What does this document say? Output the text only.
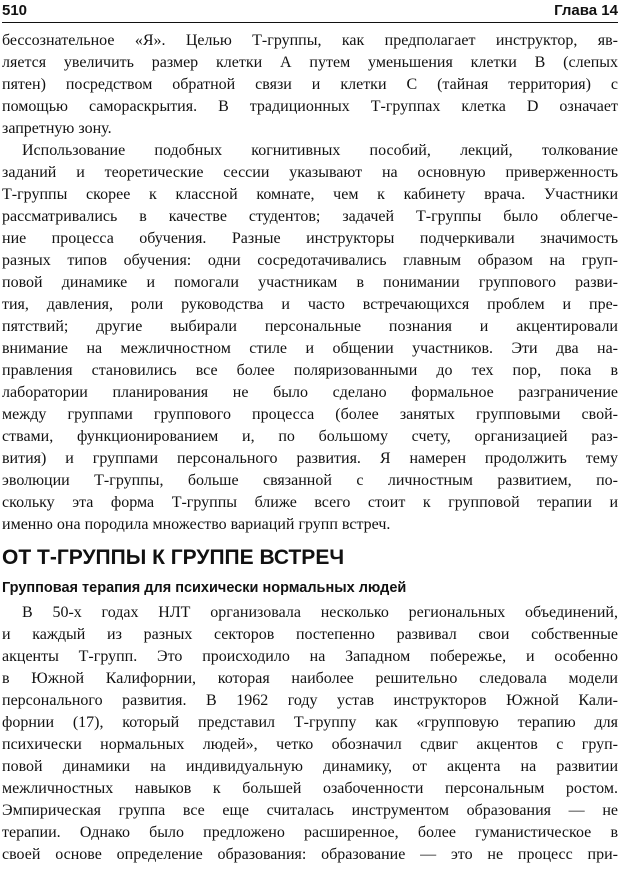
510	Глава 14
бессознательное «Я». Целью Т-группы, как предполагает инструктор, яв-
ляется увеличить размер клетки А путем уменьшения клетки В (слепых
пятен) посредством обратной связи и клетки С (тайная территория) с
помощью самораскрытия. В традиционных Т-группах клетка D означает
запретную зону.
Использование подобных когнитивных пособий, лекций, толкование
заданий и теоретические сессии указывают на основную приверженность
Т-группы скорее к классной комнате, чем к кабинету врача. Участники
рассматривались в качестве студентов; задачей Т-группы было облегче-
ние процесса обучения. Разные инструкторы подчеркивали значимость
разных типов обучения: одни сосредотачивались главным образом на груп-
повой динамике и помогали участникам в понимании группового разви-
тия, давления, роли руководства и часто встречающихся проблем и пре-
пятствий; другие выбирали персональные познания и акцентировали
внимание на межличностном стиле и общении участников. Эти два на-
правления становились все более поляризованными до тех пор, пока в
лаборатории планирования не было сделано формальное разграничение
между группами группового процесса (более занятых групповыми свой-
ствами, функционированием и, по большому счету, организацией раз-
вития) и группами персонального развития. Я намерен продолжить тему
эволюции Т-группы, больше связанной с личностным развитием, по-
скольку эта форма Т-группы ближе всего стоит к групповой терапии и
именно она породила множество вариаций групп встреч.
ОТ Т-ГРУППЫ К ГРУППЕ ВСТРЕЧ
Групповая терапия для психически нормальных людей
В 50-х годах НЛТ организовала несколько региональных объединений,
и каждый из разных секторов постепенно развивал свои собственные
акценты Т-групп. Это происходило на Западном побережье, и особенно
в Южной Калифорнии, которая наиболее решительно следовала модели
персонального развития. В 1962 году устав инструкторов Южной Кали-
форнии (17), который представил Т-группу как «групповую терапию для
психически нормальных людей», четко обозначил сдвиг акцентов с груп-
повой динамики на индивидуальную динамику, от акцента на развитии
межличностных навыков к большей озабоченности персональным ростом.
Эмпирическая группа все еще считалась инструментом образования — не
терапии. Однако было предложено расширенное, более гуманистическое в
своей основе определение образования: образование — это не процесс при-
